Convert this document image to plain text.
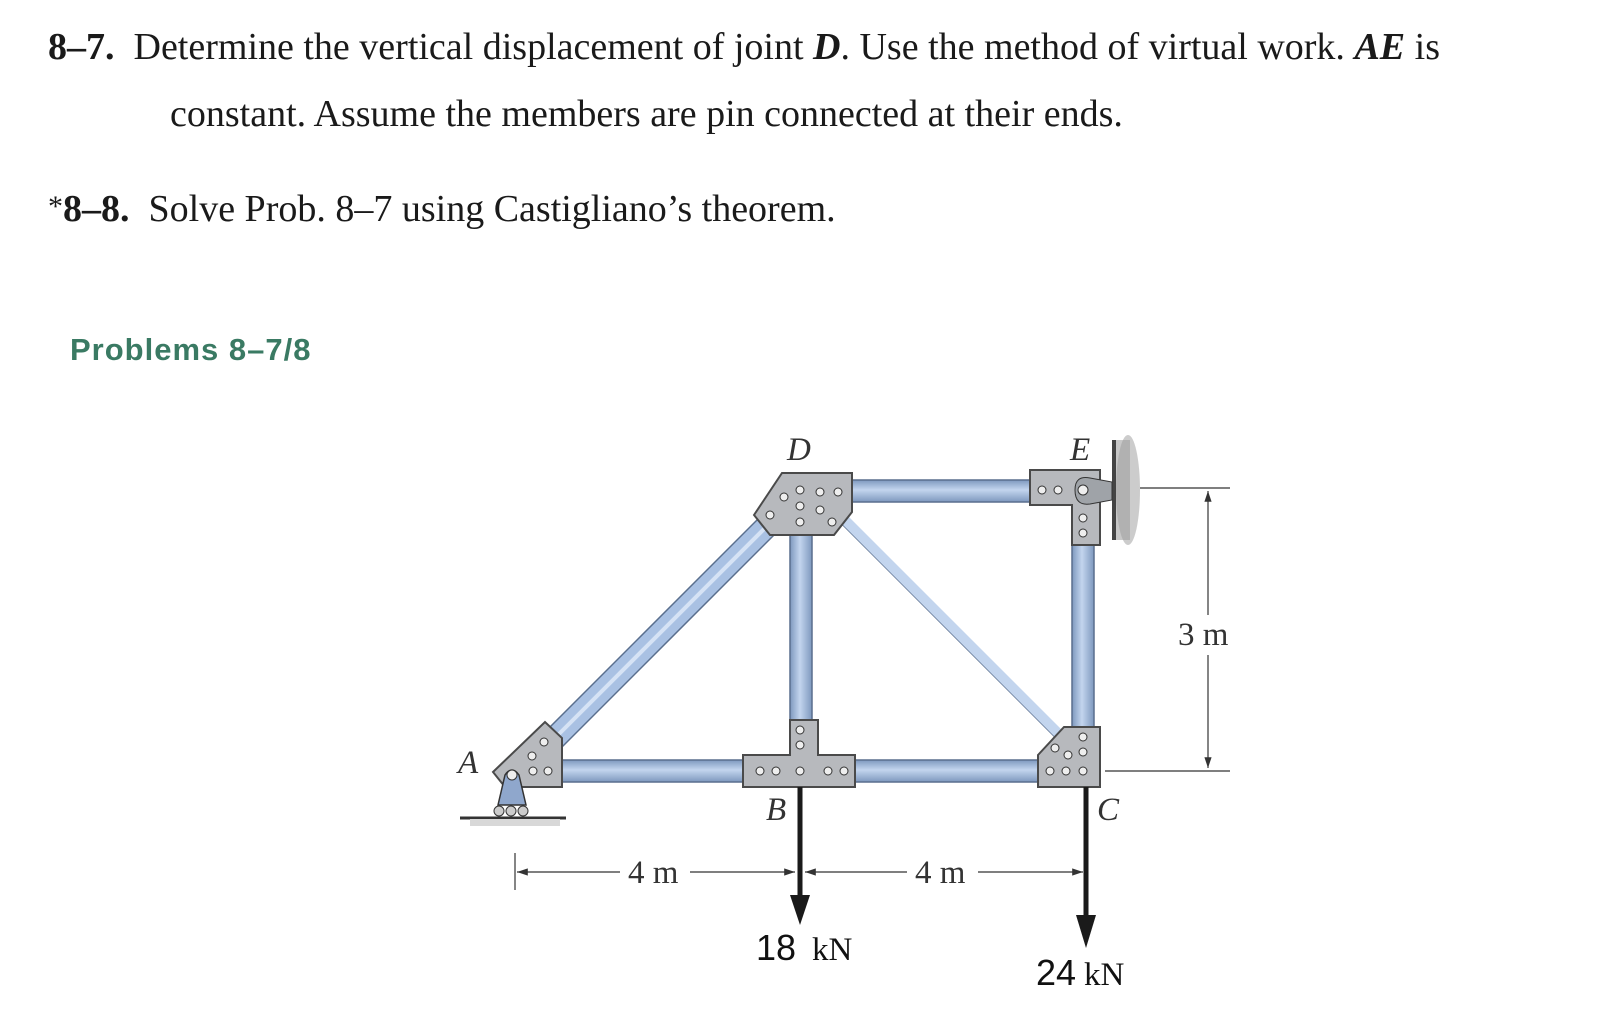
8–7. Determine the vertical displacement of joint D. Use the method of virtual work. AE is
constant. Assume the members are pin connected at their ends.
*8–8. Solve Prob. 8–7 using Castigliano’s theorem.
Problems 8–7/8
A
B	C
D	E
4 m	4 m
3 m
18 kN
24 kN
